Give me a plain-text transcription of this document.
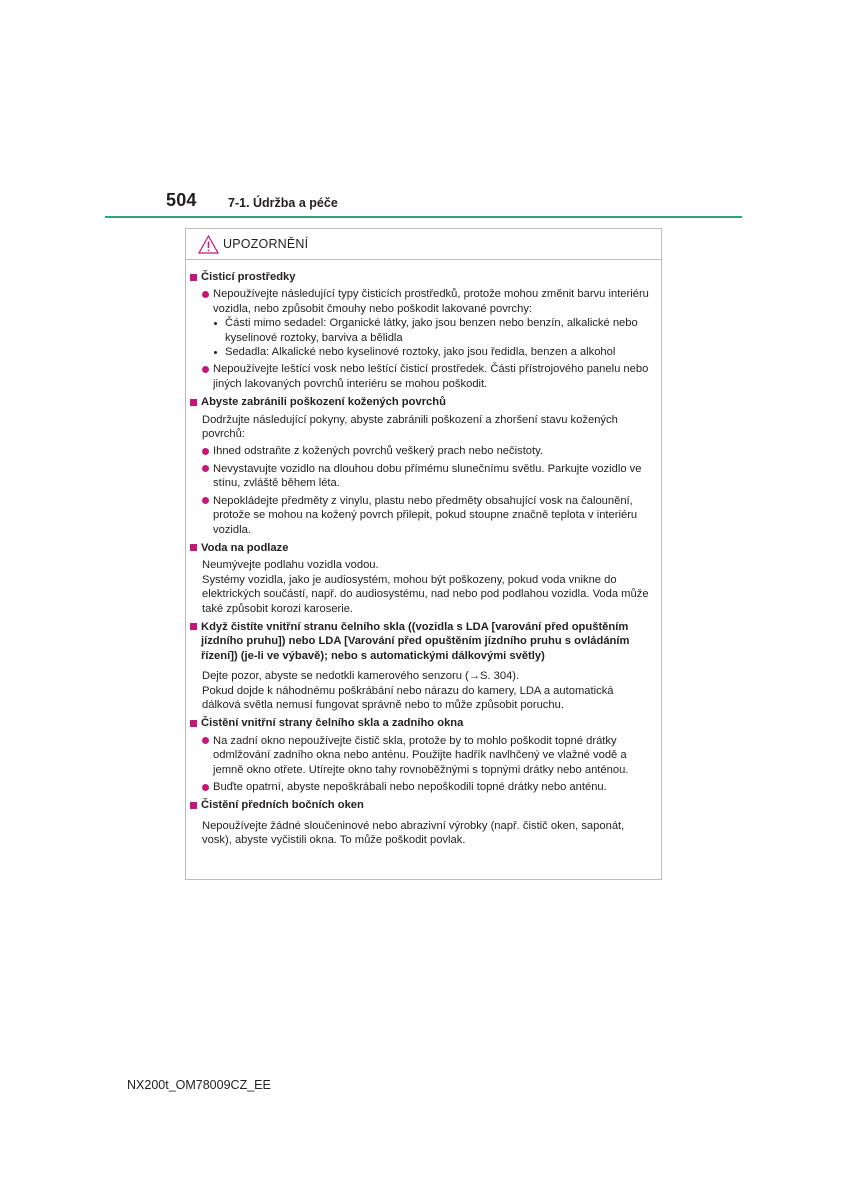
504	7-1. Údržba a péče
UPOZORNĚNÍ
Čisticí prostředky
Nepoužívejte následující typy čisticích prostředků, protože mohou změnit barvu interiéru vozidla, nebo způsobit čmouhy nebo poškodit lakované povrchy:
Části mimo sedadel: Organické látky, jako jsou benzen nebo benzín, alkalické nebo kyselinové roztoky, barviva a bělidla
Sedadla: Alkalické nebo kyselinové roztoky, jako jsou ředidla, benzen a alkohol
Nepoužívejte leštící vosk nebo leštící čisticí prostředek. Části přístrojového panelu nebo jiných lakovaných povrchů interiéru se mohou poškodit.
Abyste zabránili poškození kožených povrchů
Dodržujte následující pokyny, abyste zabránili poškození a zhoršení stavu kožených povrchů:
Ihned odstraňte z kožených povrchů veškerý prach nebo nečistoty.
Nevystavujte vozidlo na dlouhou dobu přímému slunečnímu světlu. Parkujte vozidlo ve stínu, zvláště během léta.
Nepokládejte předměty z vinylu, plastu nebo předměty obsahující vosk na čalounění, protože se mohou na kožený povrch přilepit, pokud stoupne značně teplota v interiéru vozidla.
Voda na podlaze
Neumývejte podlahu vozidla vodou.
Systémy vozidla, jako je audiosystém, mohou být poškozeny, pokud voda vnikne do elektrických součástí, např. do audiosystému, nad nebo pod podlahou vozidla. Voda může také způsobit korozi karoserie.
Když čistíte vnitřní stranu čelního skla ((vozidla s LDA [varování před opuštěním jízdního pruhu]) nebo LDA [Varování před opuštěním jízdního pruhu s ovládáním řízení]) (je-li ve výbavě); nebo s automatickými dálkovými světly)
Dejte pozor, abyste se nedotkli kamerového senzoru (→S. 304).
Pokud dojde k náhodnému poškrábání nebo nárazu do kamery, LDA a automatická dálková světla nemusí fungovat správně nebo to může způsobit poruchu.
Čistění vnitřní strany čelního skla a zadního okna
Na zadní okno nepoužívejte čistič skla, protože by to mohlo poškodit topné drátky odmlžování zadního okna nebo anténu. Použijte hadřík navlhčený ve vlažné vodě a jemně okno otřete. Utírejte okno tahy rovnoběžnými s topnými drátky nebo anténou.
Buďte opatrní, abyste nepoškrábali nebo nepoškodili topné drátky nebo anténu.
Čistění předních bočních oken
Nepoužívejte žádné sloučeninové nebo abrazivní výrobky (např. čistič oken, saponát, vosk), abyste vyčistili okna. To může poškodit povlak.
NX200t_OM78009CZ_EE
